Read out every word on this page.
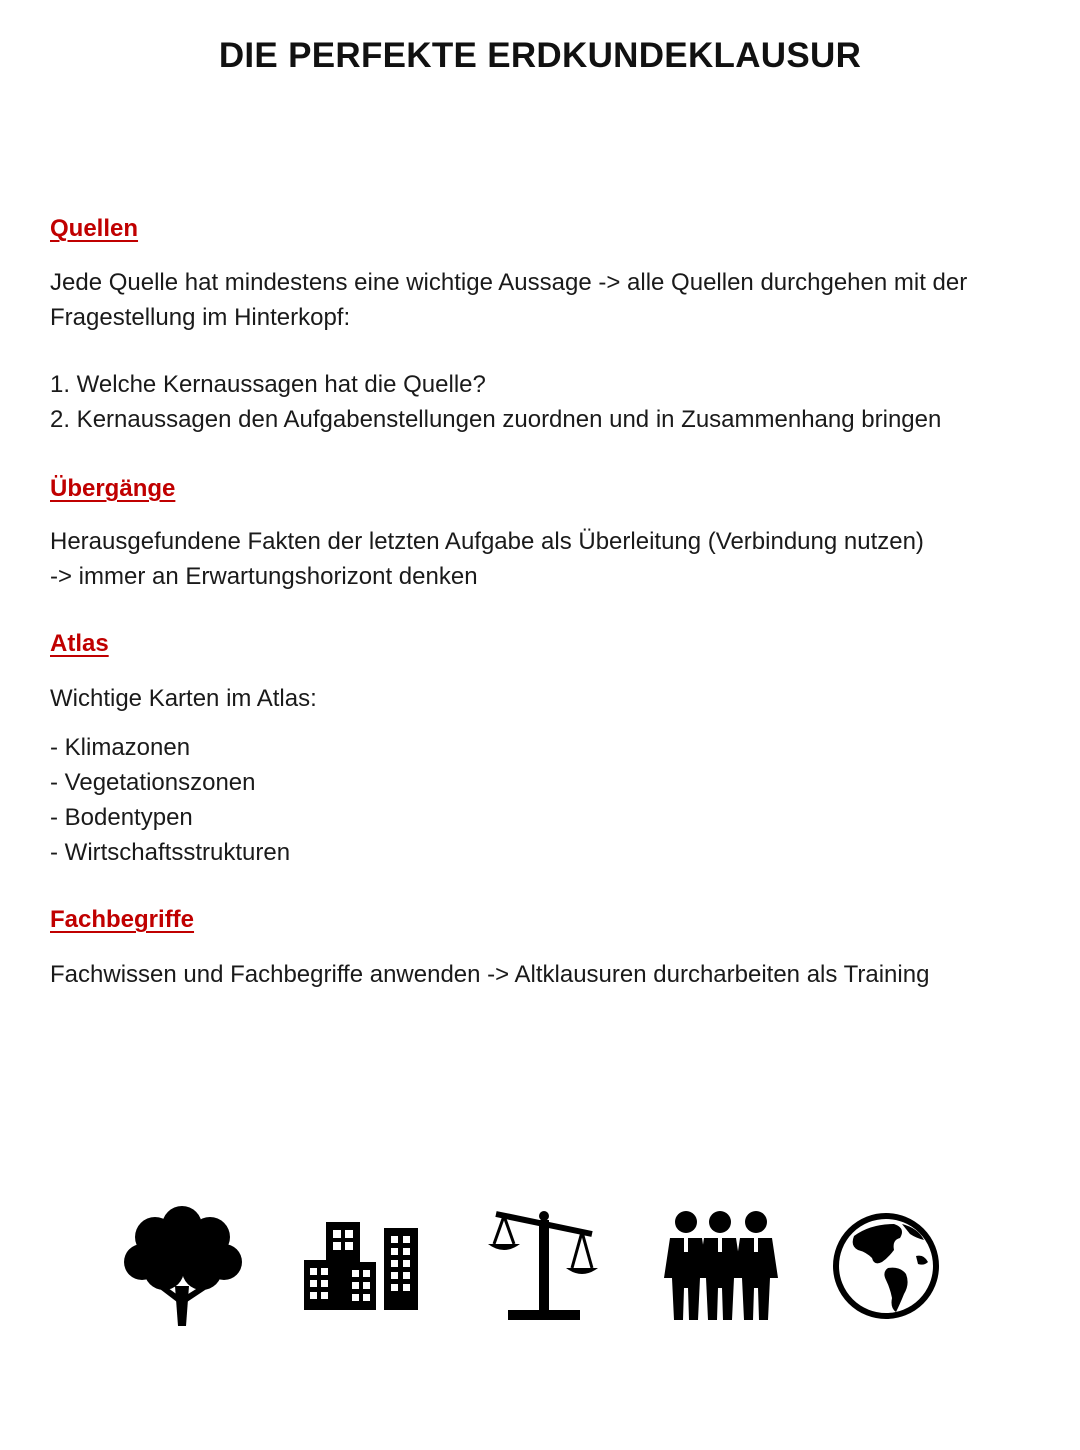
DIE PERFEKTE ERDKUNDEKLAUSUR
Quellen
Jede Quelle hat mindestens eine wichtige Aussage -> alle Quellen durchgehen mit der
Fragestellung im Hinterkopf:
1. Welche Kernaussagen hat die Quelle?
2. Kernaussagen den Aufgabenstellungen zuordnen und in Zusammenhang bringen
Übergänge
Herausgefundene Fakten der letzten Aufgabe als Überleitung (Verbindung nutzen)
-> immer an Erwartungshorizont denken
Atlas
Wichtige Karten im Atlas:
- Klimazonen
- Vegetationszonen
- Bodentypen
- Wirtschaftsstrukturen
Fachbegriffe
Fachwissen und Fachbegriffe anwenden -> Altklausuren durcharbeiten als Training
